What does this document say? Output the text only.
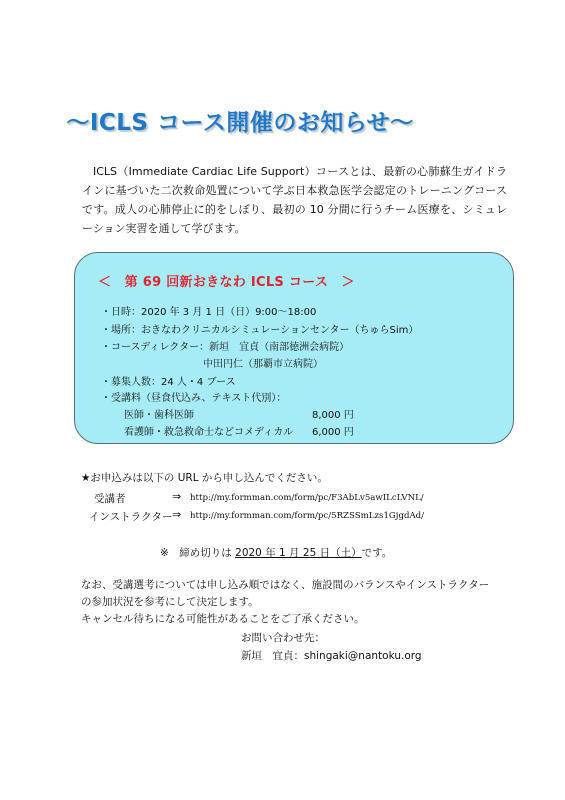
〜ICLS コース開催のお知らせ〜

ICLS（Immediate Cardiac Life Support）コースとは、最新の心肺蘇生ガイドラインに基づいた二次救命処置について学ぶ日本救急医学会認定のトレーニングコースです。成人の心肺停止に的をしぼり、最初の 10 分間に行うチーム医療を、シミュレーション実習を通して学びます。

＜　第 69 回新おきなわ ICLS コース　＞
・日時：2020 年 3 月 1 日（日）9:00〜18:00
・場所：おきなわクリニカルシミュレーションセンター（ちゅらSim）
・コースディレクター：新垣　宜貞（南部徳洲会病院）
中田円仁（那覇市立病院）
・募集人数：24 人・4 ブース
・受講料（昼食代込み、テキスト代別）：
医師・歯科医師	8,000 円
看護師・救急救命士などコメディカル 6,000 円
★お申込みは以下の URL から申し込んでください。
受講者	⇒ http://my.formman.com/form/pc/F3AbLv5awILcLVNL/
インストラクター ⇒ http://my.formman.com/form/pc/5RZSSmLzs1GjgdAd/
※　締め切りは 2020 年 1 月 25 日（土）です。
なお、受講選考については申し込み順ではなく、施設間のバランスやインストラクター
の参加状況を参考にして決定します。
キャンセル待ちになる可能性があることをご了承ください。
お問い合わせ先：
新垣　宜貞：shingaki@nantoku.org
